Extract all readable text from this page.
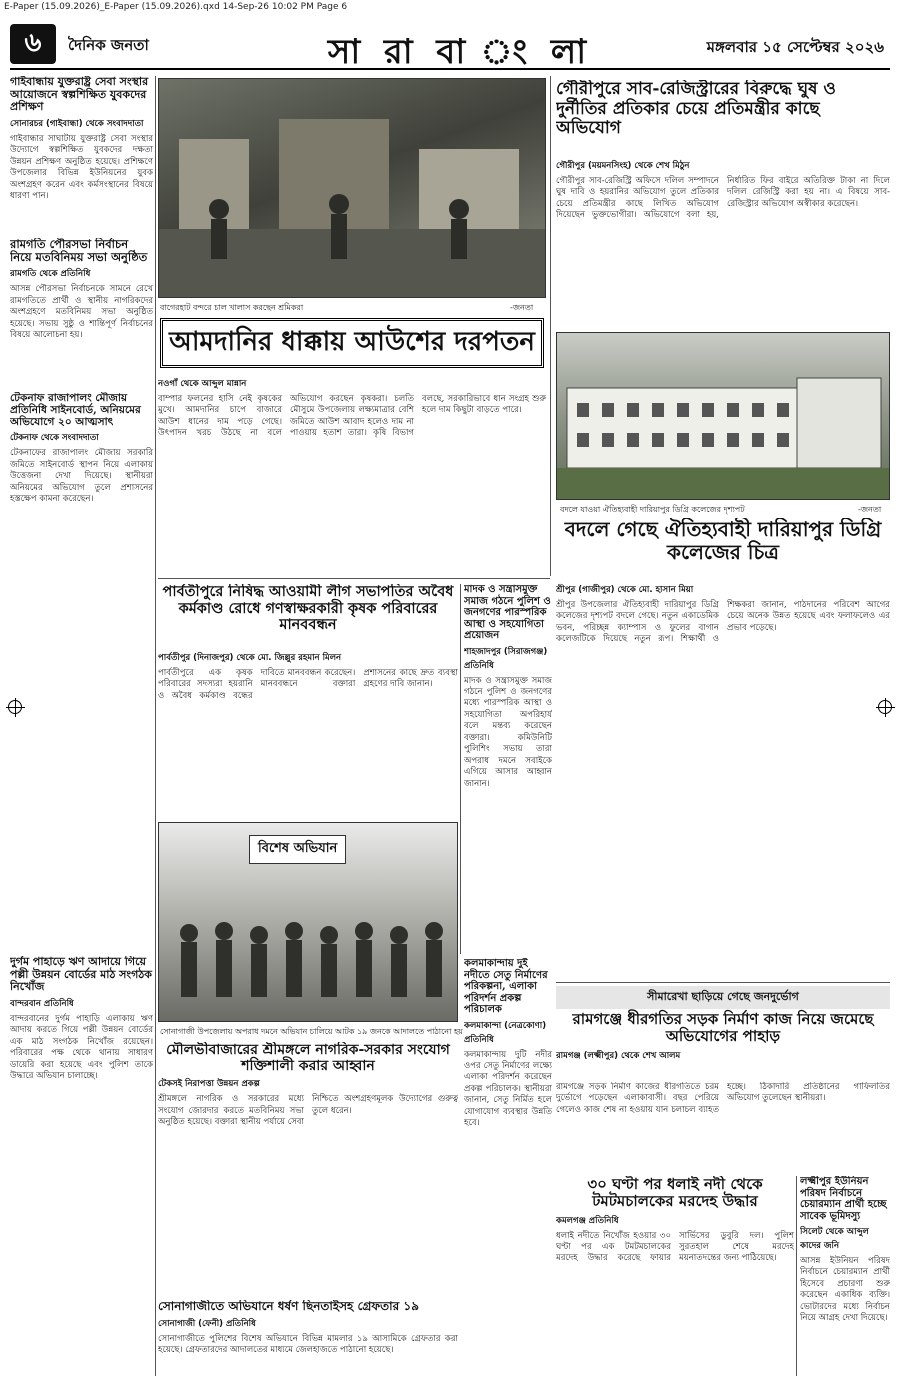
E-Paper (15.09.2026)_E-Paper (15.09.2026).qxd 14-Sep-26 10:02 PM Page 6
৬	দৈনিক জনতা	সা রা বা ং লা	মঙ্গলবার ১৫ সেপ্টেম্বর ২০২৬
গাইবান্ধায় যুক্তরাষ্ট্র সেবা সংস্থার আয়োজনে স্বল্পশিক্ষিত যুবকদের প্রশিক্ষণ
সোনারচর (গাইবান্ধা) থেকে সংবাদদাতা
গাইবান্ধার সাঘাটায় যুক্তরাষ্ট্র সেবা সংস্থার উদ্যোগে স্বল্পশিক্ষিত যুবকদের দক্ষতা উন্নয়ন প্রশিক্ষণ অনুষ্ঠিত হয়েছে। প্রশিক্ষণে উপজেলার বিভিন্ন ইউনিয়নের যুবক অংশগ্রহণ করেন এবং কর্মসংস্থানের বিষয়ে ধারণা পান।
রামগতি পৌরসভা নির্বাচন নিয়ে মতবিনিময় সভা অনুষ্ঠিত
রামগতি থেকে প্রতিনিধি
আসন্ন পৌরসভা নির্বাচনকে সামনে রেখে রামগতিতে প্রার্থী ও স্থানীয় নাগরিকদের অংশগ্রহণে মতবিনিময় সভা অনুষ্ঠিত হয়েছে। সভায় সুষ্ঠু ও শান্তিপূর্ণ নির্বাচনের বিষয়ে আলোচনা হয়।
টেকনাফ রাজাপালং মৌজায় প্রতিনিধি সাইনবোর্ড, অনিয়মের অভিযোগে ২০ আত্মসাৎ
টেকনাফ থেকে সংবাদদাতা
টেকনাফের রাজাপালং মৌজায় সরকারি জমিতে সাইনবোর্ড স্থাপন নিয়ে এলাকায় উত্তেজনা দেখা দিয়েছে। স্থানীয়রা অনিয়মের অভিযোগ তুলে প্রশাসনের হস্তক্ষেপ কামনা করেছেন।
দুর্গম পাহাড়ে ঋণ আদায়ে গিয়ে পল্লী উন্নয়ন বোর্ডের মাঠ সংগঠক নিখোঁজ
বান্দরবান প্রতিনিধি
বান্দরবানের দুর্গম পাহাড়ি এলাকায় ঋণ আদায় করতে গিয়ে পল্লী উন্নয়ন বোর্ডের এক মাঠ সংগঠক নিখোঁজ রয়েছেন। পরিবারের পক্ষ থেকে থানায় সাধারণ ডায়েরি করা হয়েছে এবং পুলিশ তাকে উদ্ধারে অভিযান চালাচ্ছে।
বাগেরহাট বন্দরে চাল খালাস করছেন শ্রমিকরা	-জনতা
আমদানির ধাক্কায় আউশের দরপতন
নওগাঁ থেকে আব্দুল মান্নান
বাম্পার ফলনের হাসি নেই কৃষকের মুখে। আমদানির চাপে বাজারে আউশ ধানের দাম পড়ে গেছে। উৎপাদন খরচ উঠছে না বলে অভিযোগ করছেন কৃষকরা। চলতি মৌসুমে উপজেলায় লক্ষ্যমাত্রার বেশি জমিতে আউশ আবাদ হলেও দাম না পাওয়ায় হতাশ তারা। কৃষি বিভাগ বলছে, সরকারিভাবে ধান সংগ্রহ শুরু হলে দাম কিছুটা বাড়তে পারে।
গৌরীপুরে সাব-রেজিস্ট্রারের বিরুদ্ধে ঘুষ ও দুর্নীতির প্রতিকার চেয়ে প্রতিমন্ত্রীর কাছে অভিযোগ
গৌরীপুর (ময়মনসিংহ) থেকে শেখ মিঠুন
গৌরীপুর সাব-রেজিস্ট্রি অফিসে দলিল সম্পাদনে ঘুষ দাবি ও হয়রানির অভিযোগ তুলে প্রতিকার চেয়ে প্রতিমন্ত্রীর কাছে লিখিত অভিযোগ দিয়েছেন ভুক্তভোগীরা। অভিযোগে বলা হয়, নির্ধারিত ফির বাইরে অতিরিক্ত টাকা না দিলে দলিল রেজিস্ট্রি করা হয় না। এ বিষয়ে সাব-রেজিস্ট্রার অভিযোগ অস্বীকার করেছেন।
বদলে যাওয়া ঐতিহ্যবাহী দারিয়াপুর ডিগ্রি কলেজের দৃশ্যপট	-জনতা
বদলে গেছে ঐতিহ্যবাহী দারিয়াপুর ডিগ্রি কলেজের চিত্র
শ্রীপুর (গাজীপুর) থেকে মো. হাসান মিয়া
শ্রীপুর উপজেলার ঐতিহ্যবাহী দারিয়াপুর ডিগ্রি কলেজের দৃশ্যপট বদলে গেছে। নতুন একাডেমিক ভবন, পরিচ্ছন্ন ক্যাম্পাস ও ফুলের বাগান কলেজটিকে দিয়েছে নতুন রূপ। শিক্ষার্থী ও শিক্ষকরা জানান, পাঠদানের পরিবেশ আগের চেয়ে অনেক উন্নত হয়েছে এবং ফলাফলেও এর প্রভাব পড়েছে।
পার্বতীপুরে নিষিদ্ধ আওয়ামী লীগ সভাপতির অবৈধ কর্মকাণ্ড রোধে গণস্বাক্ষরকারী কৃষক পরিবারের মানববন্ধন
পার্বতীপুর (দিনাজপুর) থেকে মো. জিল্লুর রহমান মিলন
পার্বতীপুরে এক কৃষক পরিবারের সদস্যরা হয়রানি ও অবৈধ কর্মকাণ্ড বন্ধের দাবিতে মানববন্ধন করেছেন। মানববন্ধনে বক্তারা প্রশাসনের কাছে দ্রুত ব্যবস্থা গ্রহণের দাবি জানান।
মাদক ও সন্ত্রাসমুক্ত সমাজ গঠনে পুলিশ ও জনগণের পারস্পরিক আস্থা ও সহযোগিতা প্রয়োজন
শাহজাদপুর (সিরাজগঞ্জ) প্রতিনিধি
মাদক ও সন্ত্রাসমুক্ত সমাজ গঠনে পুলিশ ও জনগণের মধ্যে পারস্পরিক আস্থা ও সহযোগিতা অপরিহার্য বলে মন্তব্য করেছেন বক্তারা। কমিউনিটি পুলিশিং সভায় তারা অপরাধ দমনে সবাইকে এগিয়ে আসার আহ্বান জানান।
বিশেষ অভিযান
সোনাগাজী উপজেলায় অপরাধ দমনে অভিযান চালিয়ে আটক ১৯ জনকে আদালতে পাঠানো হয়
কলমাকান্দায় দুই নদীতে সেতু নির্মাণের পরিকল্পনা, এলাকা পরিদর্শন প্রকল্প পরিচালক
কলমাকান্দা (নেত্রকোণা) প্রতিনিধি
কলমাকান্দায় দুটি নদীর ওপর সেতু নির্মাণের লক্ষ্যে এলাকা পরিদর্শন করেছেন প্রকল্প পরিচালক। স্থানীয়রা জানান, সেতু নির্মিত হলে যোগাযোগ ব্যবস্থার উন্নতি হবে।
মৌলভীবাজারের শ্রীমঙ্গলে নাগরিক-সরকার সংযোগ শক্তিশালী করার আহ্বান
টেকসই নিরাপত্তা উন্নয়ন প্রকল্প
শ্রীমঙ্গলে নাগরিক ও সরকারের মধ্যে সংযোগ জোরদার করতে মতবিনিময় সভা অনুষ্ঠিত হয়েছে। বক্তারা স্থানীয় পর্যায়ে সেবা নিশ্চিতে অংশগ্রহণমূলক উদ্যোগের গুরুত্ব তুলে ধরেন।
সীমারেখা ছাড়িয়ে গেছে জনদুর্ভোগ
রামগঞ্জে ধীরগতির সড়ক নির্মাণ কাজ নিয়ে জমেছে অভিযোগের পাহাড়
রামগঞ্জ (লক্ষ্মীপুর) থেকে শেখ আলম
রামগঞ্জে সড়ক নির্মাণ কাজের ধীরগতিতে চরম দুর্ভোগে পড়েছেন এলাকাবাসী। বছর পেরিয়ে গেলেও কাজ শেষ না হওয়ায় যান চলাচল ব্যাহত হচ্ছে। ঠিকাদারি প্রতিষ্ঠানের গাফিলতির অভিযোগ তুলেছেন স্থানীয়রা।
৩০ ঘণ্টা পর ধলাই নদী থেকে টমটমচালকের মরদেহ উদ্ধার
কমলগঞ্জ প্রতিনিধি
ধলাই নদীতে নিখোঁজ হওয়ার ৩০ ঘণ্টা পর এক টমটমচালকের মরদেহ উদ্ধার করেছে ফায়ার সার্ভিসের ডুবুরি দল। পুলিশ সুরতহাল শেষে মরদেহ ময়নাতদন্তের জন্য পাঠিয়েছে।
লক্ষ্মীপুর ইউনিয়ন পরিষদ নির্বাচনে চেয়ারম্যান প্রার্থী হচ্ছে সাবেক ভূমিদস্যু
সিলেট থেকে আব্দুল কাদের জনি
আসন্ন ইউনিয়ন পরিষদ নির্বাচনে চেয়ারম্যান প্রার্থী হিসেবে প্রচারণা শুরু করেছেন একাধিক ব্যক্তি। ভোটারদের মধ্যে নির্বাচন নিয়ে আগ্রহ দেখা দিয়েছে।
সোনাগাজীতে অভিযানে ধর্ষণ ছিনতাইসহ গ্রেফতার ১৯
সোনাগাজী (ফেনী) প্রতিনিধি
সোনাগাজীতে পুলিশের বিশেষ অভিযানে বিভিন্ন মামলার ১৯ আসামিকে গ্রেফতার করা হয়েছে। গ্রেফতারদের আদালতের মাধ্যমে জেলহাজতে পাঠানো হয়েছে।
